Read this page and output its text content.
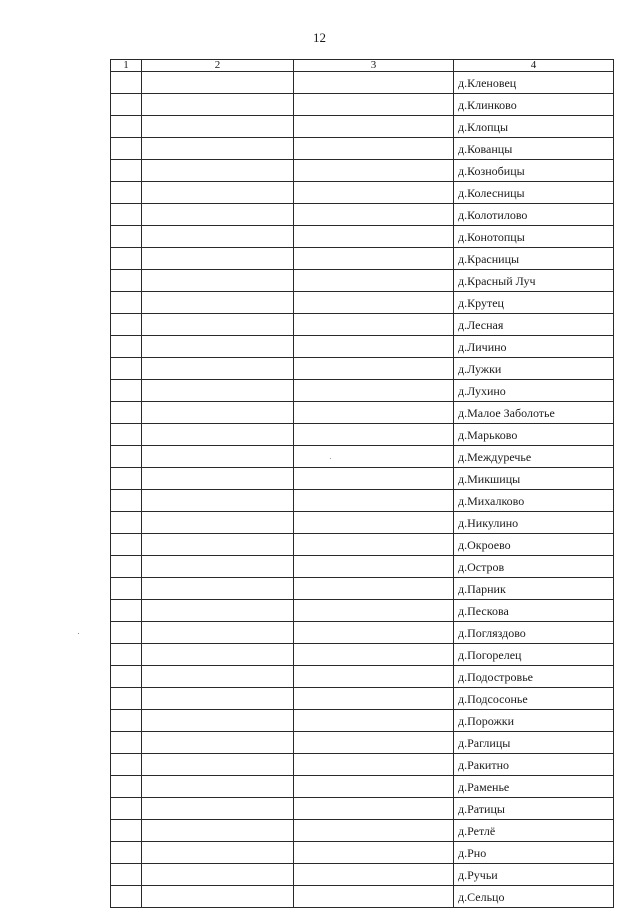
12
1	2	3	4
			д.Кленовец
			д.Клинково
			д.Клопцы
			д.Кованцы
			д.Кознобицы
			д.Колесницы
			д.Колотилово
			д.Конотопцы
			д.Красницы
			д.Красный Луч
			д.Крутец
			д.Лесная
			д.Личино
			д.Лужки
			д.Лухино
			д.Малое Заболотье
			д.Марьково
			д.Междуречье
			д.Микшицы
			д.Михалково
			д.Никулино
			д.Окроево
			д.Остров
			д.Парник
			д.Пескова
			д.Погляздово
			д.Погорелец
			д.Подостровье
			д.Подсосонье
			д.Порожки
			д.Раглицы
			д.Ракитно
			д.Раменье
			д.Ратицы
			д.Ретлё
			д.Рно
			д.Ручьи
			д.Сельцо
